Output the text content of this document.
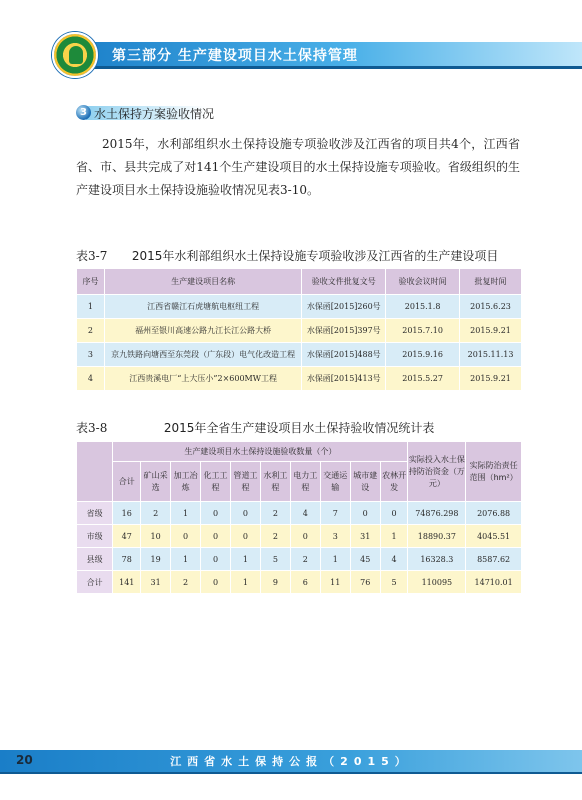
第三部分 生产建设项目水土保持管理
3 水土保持方案验收情况
2015年，水利部组织水土保持设施专项验收涉及江西省的项目共4个，江西省省、市、县共完成了对141个生产建设项目的水土保持设施专项验收。省级组织的生产建设项目水土保持设施验收情况见表3-10。
表3-7 2015年水利部组织水土保持设施专项验收涉及江西省的生产建设项目
序号	生产建设项目名称	验收文件批复文号	验收会议时间	批复时间
1	江西省赣江石虎塘航电枢纽工程	水保函[2015]260号	2015.1.8	2015.6.23
2	福州至银川高速公路九江长江公路大桥	水保函[2015]397号	2015.7.10	2015.9.21
3	京九铁路向塘西至东莞段（广东段）电气化改造工程	水保函[2015]488号	2015.9.16	2015.11.13
4	江西贵溪电厂“上大压小”2×600MW工程	水保函[2015]413号	2015.5.27	2015.9.21
表3-8	2015年全省生产建设项目水土保持验收情况统计表
	生产建设项目水土保持设施验收数量（个）										实际投入水土保持防治资金（万元）	实际防治责任范围（hm²）
	合计	矿山采选	加工冶炼	化工工程	管道工程	水利工程	电力工程	交通运输	城市建设	农林开发		
省级	16	2	1	0	0	2	4	7	0	0	74876.298	2076.88
市级	47	10	0	0	0	2	0	3	31	1	18890.37	4045.51
县级	78	19	1	0	1	5	2	1	45	4	16328.3	8587.62
合计	141	31	2	0	1	9	6	11	76	5	110095	14710.01
20	江西省水土保持公报（2015）
